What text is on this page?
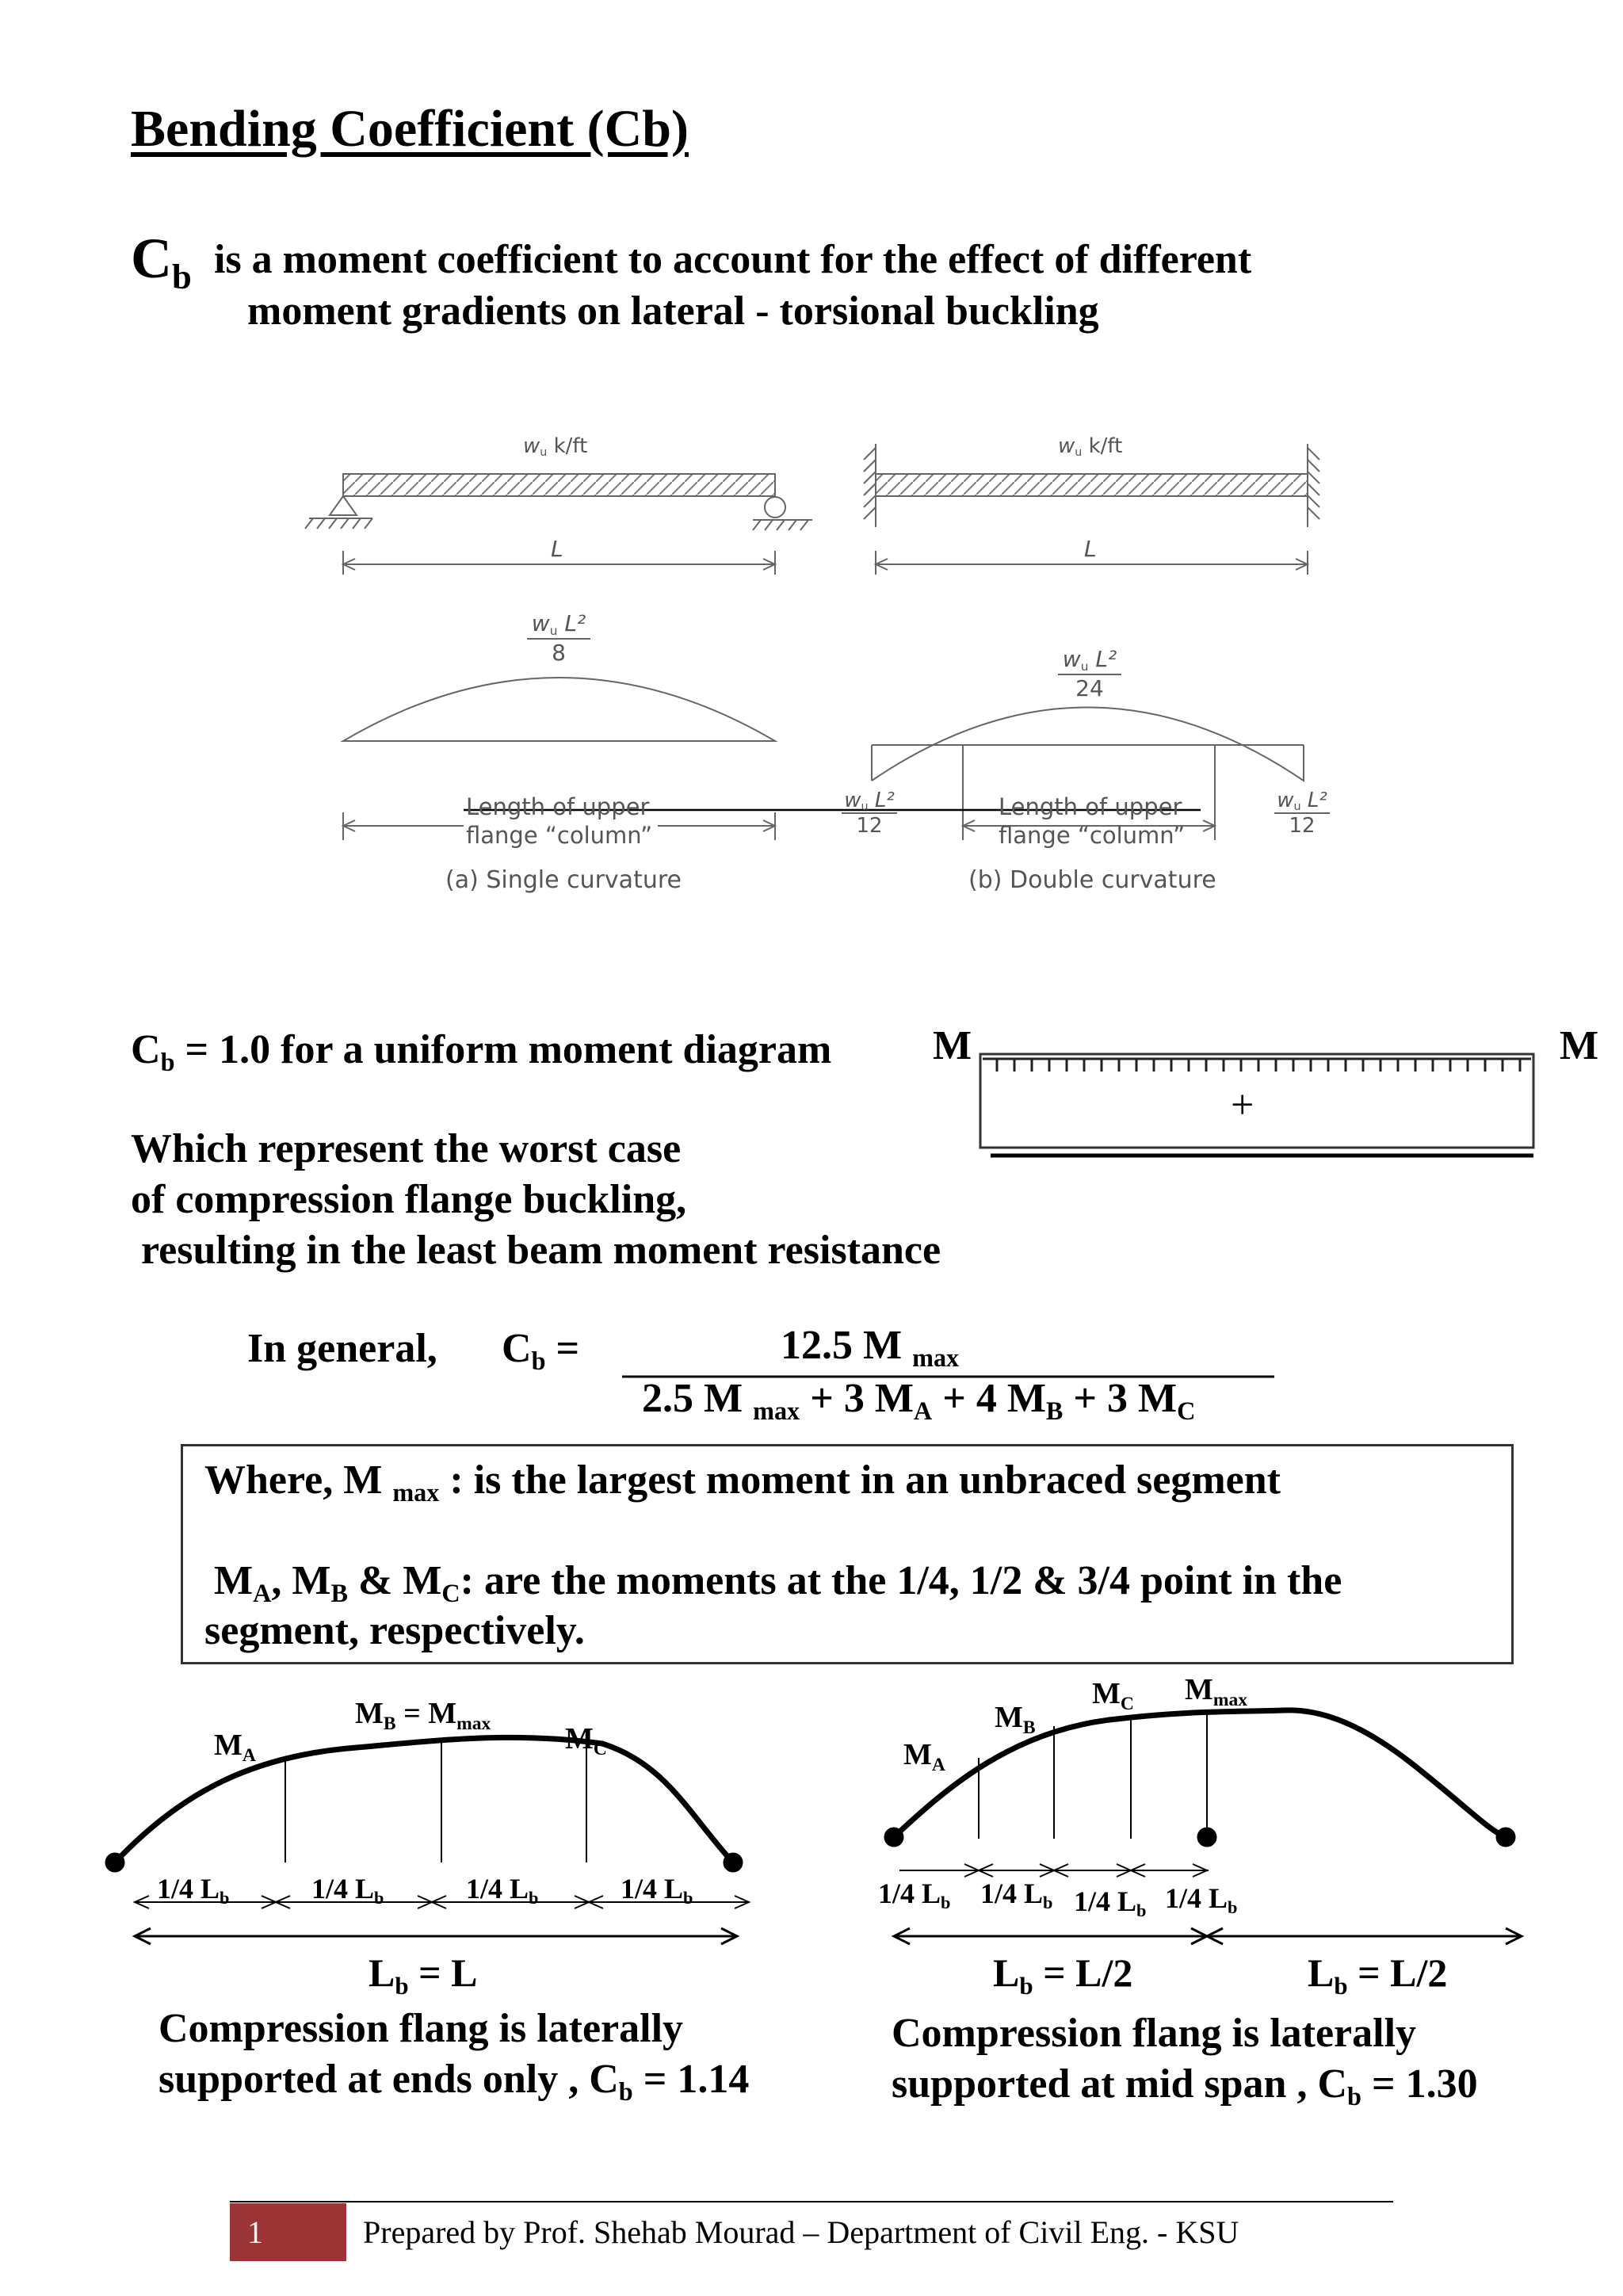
Bending Coefficient (Cb)
Cb is a moment coefficient to account for the effect of different
moment gradients on lateral - torsional buckling
wu k/ft
L
wu L²
8
Length of upper
flange “column”
(a) Single curvature
wu k/ft
L
wu L²
24
wu L²
12
wu L²
12
Length of upper
flange “column”
(b) Double curvature
Cb = 1.0 for a uniform moment diagram M	M
+
Which represent the worst case
of compression flange buckling,
resulting in the least beam moment resistance
In general, Cb =	12.5 M max
2.5 M max + 3 MA + 4 MB + 3 MC
Where, M max : is the largest moment in an unbraced segment
MA, MB & MC: are the moments at the 1/4, 1/2 & 3/4 point in the
segment, respectively.
MA
MB = Mmax MC
1/4 Lb	1/4 Lb	1/4 Lb	1/4 Lb
Lb = L
Compression flang is laterally
supported at ends only , Cb = 1.14
MA
MB
MC Mmax
1/4 Lb 1/4 Lb 1/4 Lb 1/4 Lb
Lb = L/2	Lb = L/2
Compression flang is laterally
supported at mid span , Cb = 1.30
1	Prepared by Prof. Shehab Mourad – Department of Civil Eng. - KSU
